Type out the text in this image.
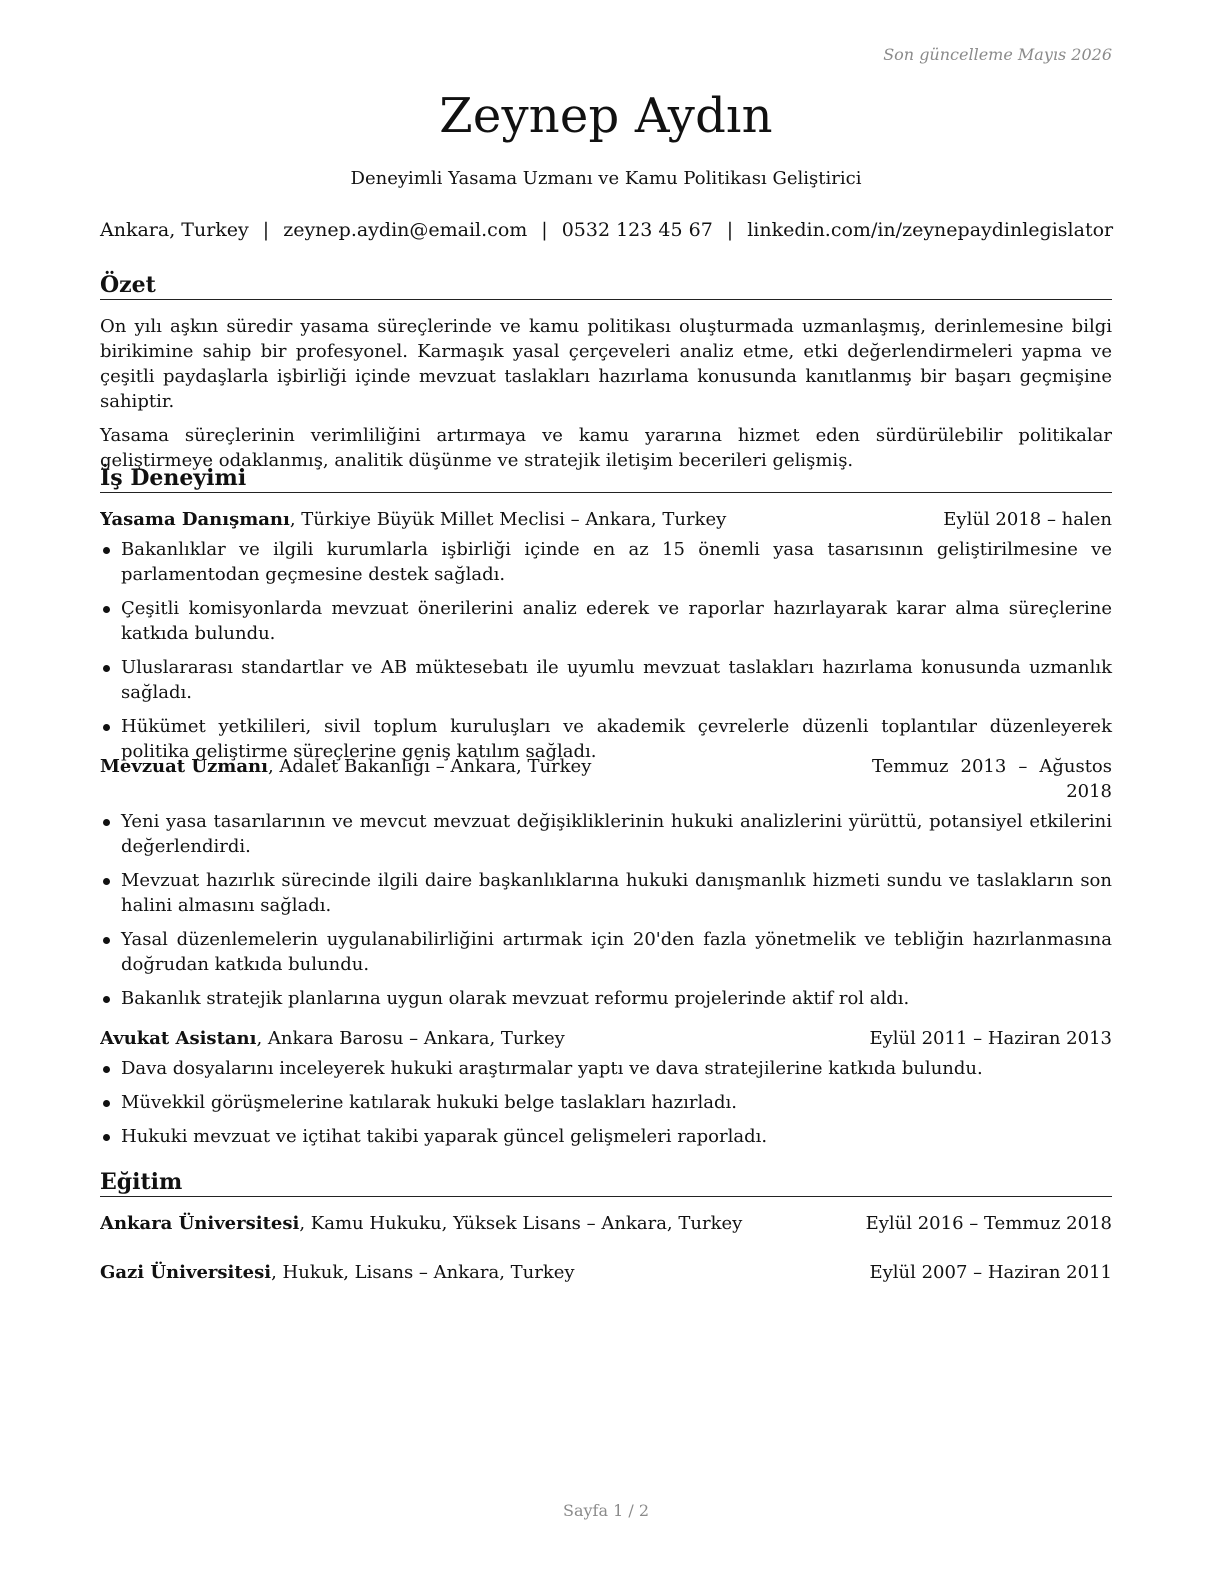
Son güncelleme Mayıs 2026
Zeynep Aydın
Deneyimli Yasama Uzmanı ve Kamu Politikası Geliştirici
Ankara, Turkey | zeynep.aydin@email.com | 0532 123 45 67 | linkedin.com/in/zeynepaydinlegislator
Özet

On yılı aşkın süredir yasama süreçlerinde ve kamu politikası oluşturmada uzmanlaşmış, derinlemesine bilgi birikimine sahip bir profesyonel. Karmaşık yasal çerçeveleri analiz etme, etki değerlendirmeleri yapma ve çeşitli paydaşlarla işbirliği içinde mevzuat taslakları hazırlama konusunda kanıtlanmış bir başarı geçmişine sahiptir.

Yasama süreçlerinin verimliliğini artırmaya ve kamu yararına hizmet eden sürdürülebilir politikalar geliştirmeye odaklanmış, analitik düşünme ve stratejik iletişim becerileri gelişmiş.

İş Deneyimi
Yasama Danışmanı, Türkiye Büyük Millet Meclisi – Ankara, Turkey	Eylül 2018 – halen
Bakanlıklar ve ilgili kurumlarla işbirliği içinde en az 15 önemli yasa tasarısının geliştirilmesine ve parlamentodan geçmesine destek sağladı.
Çeşitli komisyonlarda mevzuat önerilerini analiz ederek ve raporlar hazırlayarak karar alma süreçlerine katkıda bulundu.
Uluslararası standartlar ve AB müktesebatı ile uyumlu mevzuat taslakları hazırlama konusunda uzmanlık sağladı.
Hükümet yetkilileri, sivil toplum kuruluşları ve akademik çevrelerle düzenli toplantılar düzenleyerek politika geliştirme süreçlerine geniş katılım sağladı.
Mevzuat Uzmanı, Adalet Bakanlığı – Ankara, Turkey	Temmuz 2013 – Ağustos 2018
Yeni yasa tasarılarının ve mevcut mevzuat değişikliklerinin hukuki analizlerini yürüttü, potansiyel etkilerini değerlendirdi.
Mevzuat hazırlık sürecinde ilgili daire başkanlıklarına hukuki danışmanlık hizmeti sundu ve taslakların son halini almasını sağladı.
Yasal düzenlemelerin uygulanabilirliğini artırmak için 20'den fazla yönetmelik ve tebliğin hazırlanmasına doğrudan katkıda bulundu.
Bakanlık stratejik planlarına uygun olarak mevzuat reformu projelerinde aktif rol aldı.
Avukat Asistanı, Ankara Barosu – Ankara, Turkey	Eylül 2011 – Haziran 2013
Dava dosyalarını inceleyerek hukuki araştırmalar yaptı ve dava stratejilerine katkıda bulundu.
Müvekkil görüşmelerine katılarak hukuki belge taslakları hazırladı.
Hukuki mevzuat ve içtihat takibi yaparak güncel gelişmeleri raporladı.
Eğitim
Ankara Üniversitesi, Kamu Hukuku, Yüksek Lisans – Ankara, Turkey	Eylül 2016 – Temmuz 2018
Gazi Üniversitesi, Hukuk, Lisans – Ankara, Turkey	Eylül 2007 – Haziran 2011
Sayfa 1 / 2
